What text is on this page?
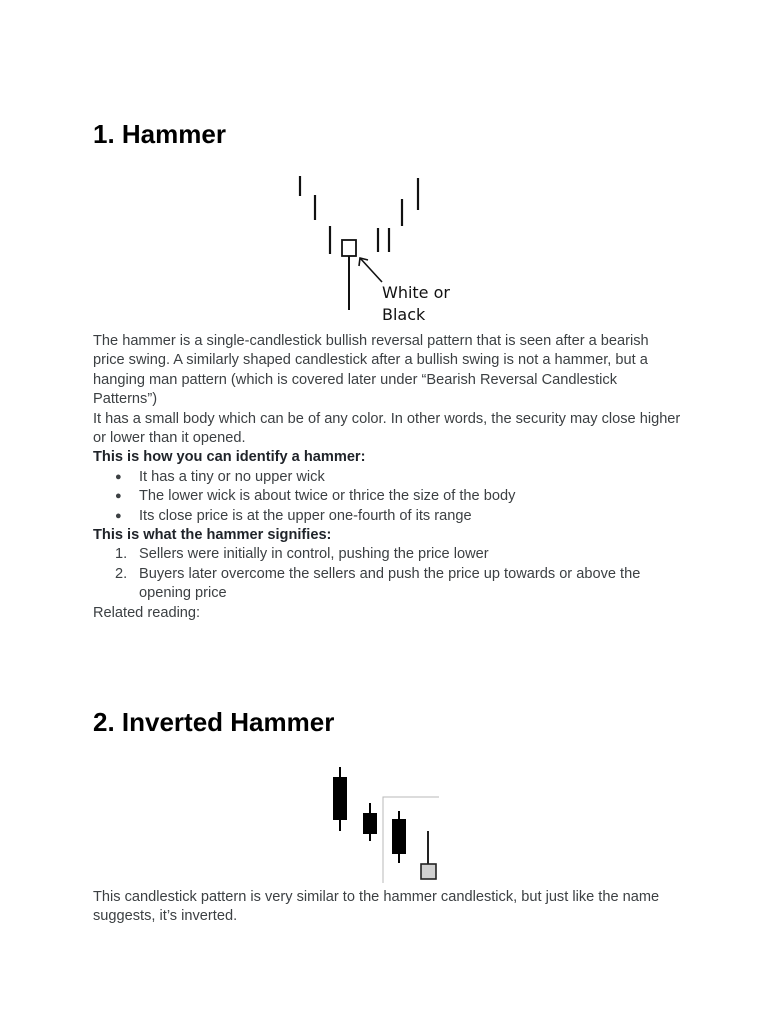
1. Hammer
White or
Black

The hammer is a single-candlestick bullish reversal pattern that is seen after a bearish price swing. A similarly shaped candlestick after a bullish swing is not a hammer, but a hanging man pattern (which is covered later under “Bearish Reversal Candlestick Patterns”)

It has a small body which can be of any color. In other words, the security may close higher or lower than it opened.

This is how you can identify a hammer:

● It has a tiny or no upper wick
● The lower wick is about twice or thrice the size of the body
● Its close price is at the upper one-fourth of its range

This is what the hammer signifies:

1. Sellers were initially in control, pushing the price lower
2. Buyers later overcome the sellers and push the price up towards or above the opening price

Related reading:

2. Inverted Hammer

This candlestick pattern is very similar to the hammer candlestick, but just like the name suggests, it’s inverted.
